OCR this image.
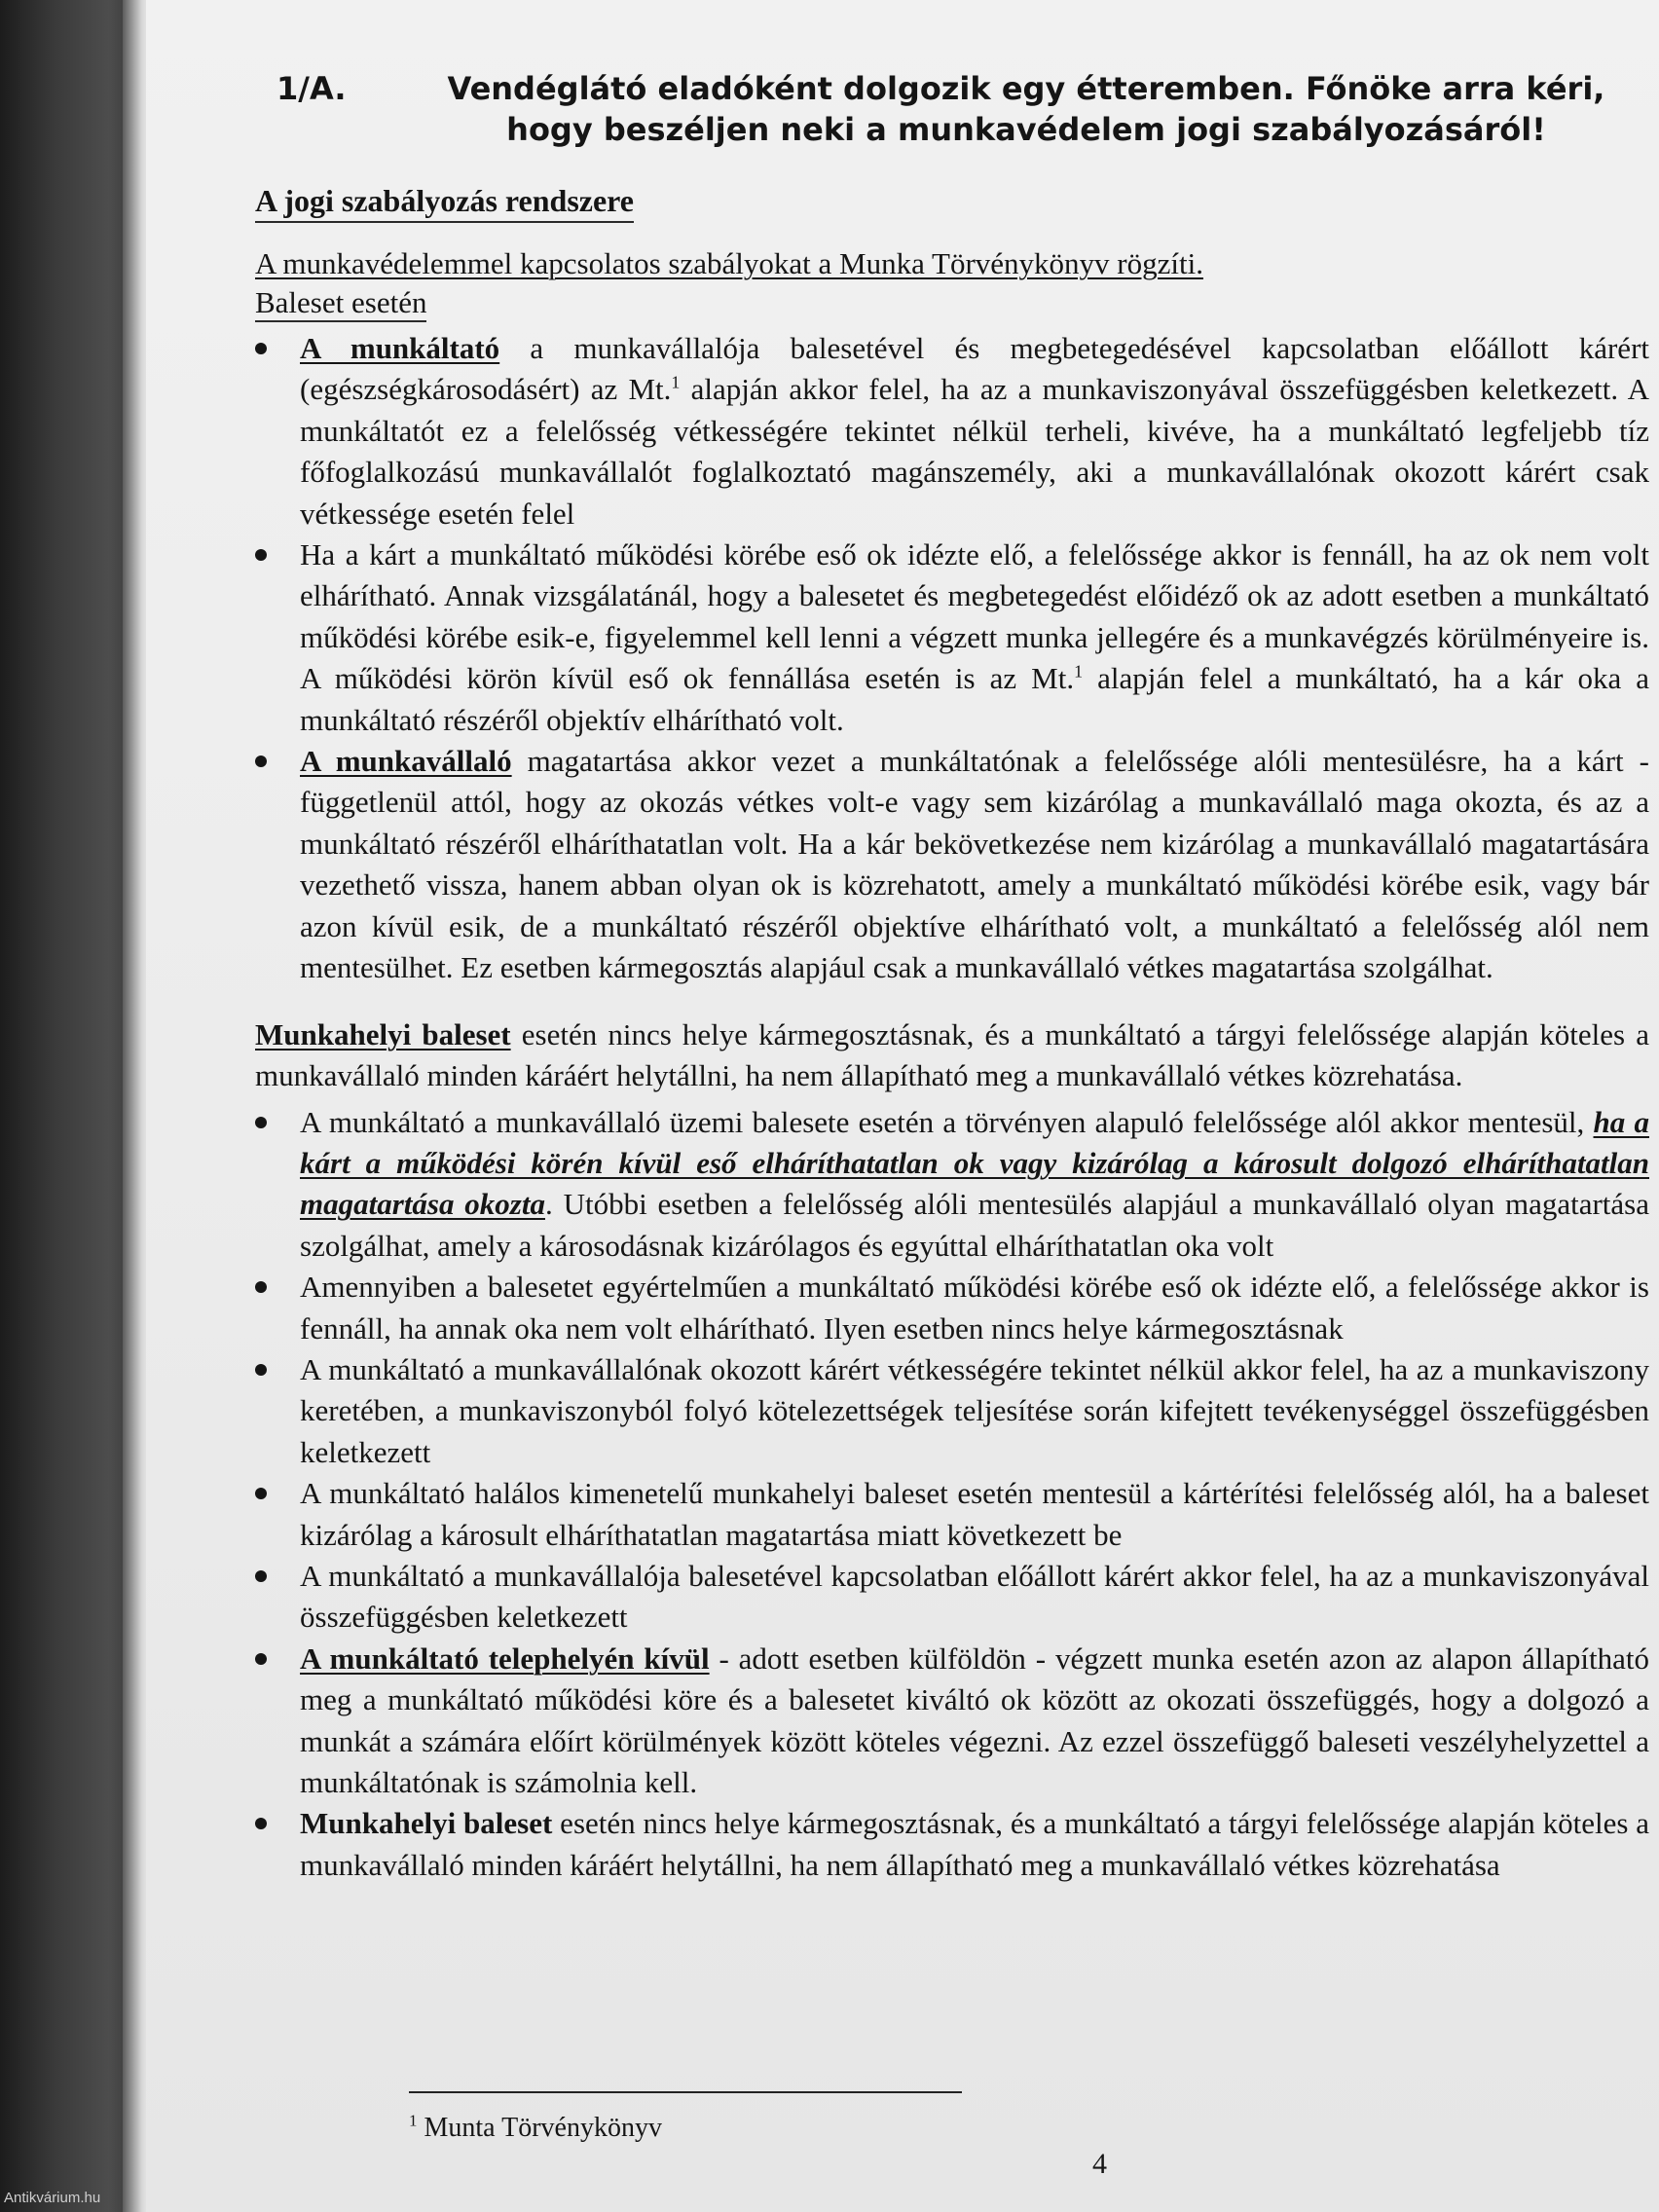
Antikvárium.hu
1/A.	Vendéglátó eladóként dolgozik egy étteremben. Főnöke arra kéri, hogy beszéljen neki a munkavédelem jogi szabályozásáról!
A jogi szabályozás rendszere
A munkavédelemmel kapcsolatos szabályokat a Munka Törvénykönyv rögzíti.
Baleset esetén
A munkáltató a munkavállalója balesetével és megbetegedésével kapcsolatban előállott kárért (egészségkárosodásért) az Mt.$^1$ alapján akkor felel, ha az a munkaviszonyával összefüggésben keletkezett. A munkáltatót ez a felelősség vétkességére tekintet nélkül terheli, kivéve, ha a munkáltató legfeljebb tíz főfoglalkozású munkavállalót foglalkoztató magánszemély, aki a munkavállalónak okozott kárért csak vétkessége esetén felel
Ha a kárt a munkáltató működési körébe eső ok idézte elő, a felelőssége akkor is fennáll, ha az ok nem volt elhárítható. Annak vizsgálatánál, hogy a balesetet és megbetegedést előidéző ok az adott esetben a munkáltató működési körébe esik-e, figyelemmel kell lenni a végzett munka jellegére és a munkavégzés körülményeire is. A működési körön kívül eső ok fennállása esetén is az Mt.$^1$ alapján felel a munkáltató, ha a kár oka a munkáltató részéről objektív elhárítható volt.
A munkavállaló magatartása akkor vezet a munkáltatónak a felelőssége alóli mentesülésre, ha a kárt - függetlenül attól, hogy az okozás vétkes volt-e vagy sem kizárólag a munkavállaló maga okozta, és az a munkáltató részéről elháríthatatlan volt. Ha a kár bekövetkezése nem kizárólag a munkavállaló magatartására vezethető vissza, hanem abban olyan ok is közrehatott, amely a munkáltató működési körébe esik, vagy bár azon kívül esik, de a munkáltató részéről objektíve elhárítható volt, a munkáltató a felelősség alól nem mentesülhet. Ez esetben kármegosztás alapjául csak a munkavállaló vétkes magatartása szolgálhat.
Munkahelyi baleset esetén nincs helye kármegosztásnak, és a munkáltató a tárgyi felelőssége alapján köteles a munkavállaló minden káráért helytállni, ha nem állapítható meg a munkavállaló vétkes közrehatása.
A munkáltató a munkavállaló üzemi balesete esetén a törvényen alapuló felelőssége alól akkor mentesül, ha a kárt a működési körén kívül eső elháríthatatlan ok vagy kizárólag a károsult dolgozó elháríthatatlan magatartása okozta. Utóbbi esetben a felelősség alóli mentesülés alapjául a munkavállaló olyan magatartása szolgálhat, amely a károsodásnak kizárólagos és egyúttal elháríthatatlan oka volt
Amennyiben a balesetet egyértelműen a munkáltató működési körébe eső ok idézte elő, a felelőssége akkor is fennáll, ha annak oka nem volt elhárítható. Ilyen esetben nincs helye kármegosztásnak
A munkáltató a munkavállalónak okozott kárért vétkességére tekintet nélkül akkor felel, ha az a munkaviszony keretében, a munkaviszonyból folyó kötelezettségek teljesítése során kifejtett tevékenységgel összefüggésben keletkezett
A munkáltató halálos kimenetelű munkahelyi baleset esetén mentesül a kártérítési felelősség alól, ha a baleset kizárólag a károsult elháríthatatlan magatartása miatt következett be
A munkáltató a munkavállalója balesetével kapcsolatban előállott kárért akkor felel, ha az a munkaviszonyával összefüggésben keletkezett
A munkáltató telephelyén kívül - adott esetben külföldön - végzett munka esetén azon az alapon állapítható meg a munkáltató működési köre és a balesetet kiváltó ok között az okozati összefüggés, hogy a dolgozó a munkát a számára előírt körülmények között köteles végezni. Az ezzel összefüggő baleseti veszélyhelyzettel a munkáltatónak is számolnia kell.
Munkahelyi baleset esetén nincs helye kármegosztásnak, és a munkáltató a tárgyi felelőssége alapján köteles a munkavállaló minden káráért helytállni, ha nem állapítható meg a munkavállaló vétkes közrehatása
$^1$ Munta Törvénykönyv
4
